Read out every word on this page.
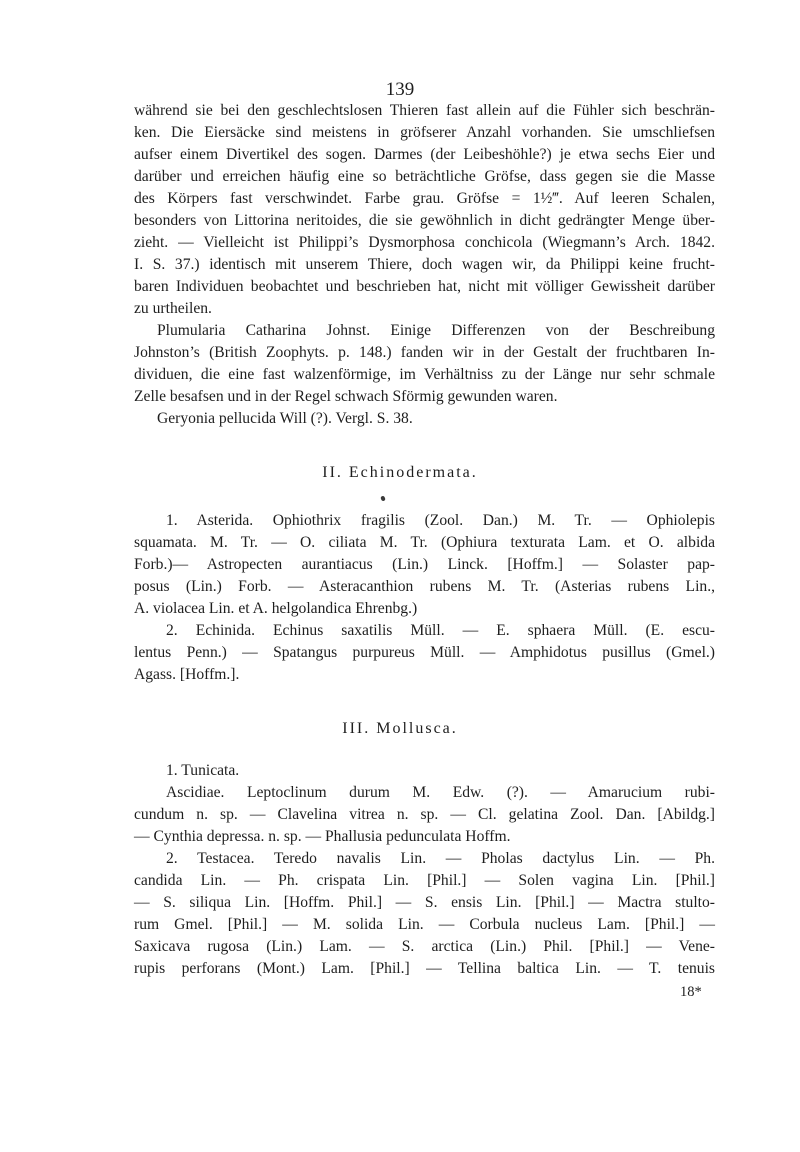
139
während sie bei den geschlechtslosen Thieren fast allein auf die Fühler sich beschrän-
ken. Die Eiersäcke sind meistens in gröfserer Anzahl vorhanden. Sie umschliefsen
aufser einem Divertikel des sogen. Darmes (der Leibeshöhle?) je etwa sechs Eier und
darüber und erreichen häufig eine so beträchtliche Gröfse, dass gegen sie die Masse
des Körpers fast verschwindet. Farbe grau. Gröfse = 1½‴. Auf leeren Schalen,
besonders von Littorina neritoides, die sie gewöhnlich in dicht gedrängter Menge über-
zieht. — Vielleicht ist Philippi’s Dysmorphosa conchicola (Wiegmann’s Arch. 1842.
I. S. 37.) identisch mit unserem Thiere, doch wagen wir, da Philippi keine frucht-
baren Individuen beobachtet und beschrieben hat, nicht mit völliger Gewissheit darüber
zu urtheilen.
Plumularia Catharina Johnst. Einige Differenzen von der Beschreibung
Johnston’s (British Zoophyts. p. 148.) fanden wir in der Gestalt der fruchtbaren In-
dividuen, die eine fast walzenförmige, im Verhältniss zu der Länge nur sehr schmale
Zelle besafsen und in der Regel schwach Sförmig gewunden waren.
Geryonia pellucida Will (?). Vergl. S. 38.
II. Echinodermata.
1. Asterida. Ophiothrix fragilis (Zool. Dan.) M. Tr. — Ophiolepis
squamata. M. Tr. — O. ciliata M. Tr. (Ophiura texturata Lam. et O. albida
Forb.)— Astropecten aurantiacus (Lin.) Linck. [Hoffm.] — Solaster pap-
posus (Lin.) Forb. — Asteracanthion rubens M. Tr. (Asterias rubens Lin.,
A. violacea Lin. et A. helgolandica Ehrenbg.)
2. Echinida. Echinus saxatilis Müll. — E. sphaera Müll. (E. escu-
lentus Penn.) — Spatangus purpureus Müll. — Amphidotus pusillus (Gmel.)
Agass. [Hoffm.].
III. Mollusca.
1. Tunicata.
Ascidiae. Leptoclinum durum M. Edw. (?). — Amarucium rubi-
cundum n. sp. — Clavelina vitrea n. sp. — Cl. gelatina Zool. Dan. [Abildg.]
— Cynthia depressa. n. sp. — Phallusia pedunculata Hoffm.
2. Testacea. Teredo navalis Lin. — Pholas dactylus Lin. — Ph.
candida Lin. — Ph. crispata Lin. [Phil.] — Solen vagina Lin. [Phil.]
— S. siliqua Lin. [Hoffm. Phil.] — S. ensis Lin. [Phil.] — Mactra stulto-
rum Gmel. [Phil.] — M. solida Lin. — Corbula nucleus Lam. [Phil.] —
Saxicava rugosa (Lin.) Lam. — S. arctica (Lin.) Phil. [Phil.] — Vene-
rupis perforans (Mont.) Lam. [Phil.] — Tellina baltica Lin. — T. tenuis
18*
